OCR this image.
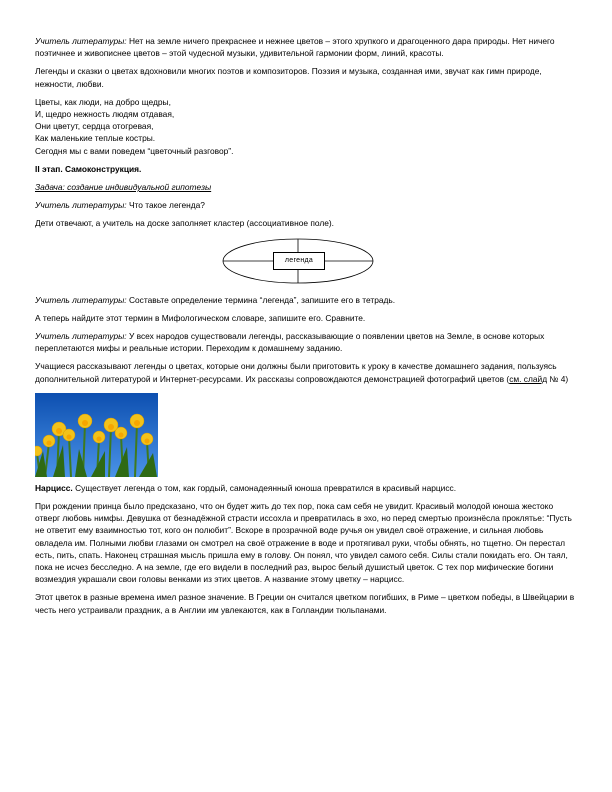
Учитель литературы: Нет на земле ничего прекраснее и нежнее цветов – этого хрупкого и драгоценного дара природы. Нет ничего поэтичнее и живописнее цветов – этой чудесной музыки, удивительной гармонии форм, линий, красоты.

Легенды и сказки о цветах вдохновили многих поэтов и композиторов. Поэзия и музыка, созданная ими, звучат как гимн природе, нежности, любви.

Цветы, как люди, на добро щедры,
И, щедро нежность людям отдавая,
Они цветут, сердца отогревая,
Как маленькие теплые костры.
Сегодня мы с вами поведем “цветочный разговор”.

II этап. Самоконструкция.

Задача: создание индивидуальной гипотезы

Учитель литературы: Что такое легенда?

Дети отвечают, а учитель на доске заполняет кластер (ассоциативное поле).

легенда

Учитель литературы: Составьте определение термина “легенда”, запишите его в тетрадь.

А теперь найдите этот термин в Мифологическом словаре, запишите его. Сравните.

Учитель литературы: У всех народов существовали легенды, рассказывающие о появлении цветов на Земле, в основе которых переплетаются мифы и реальные истории. Переходим к домашнему заданию.

Учащиеся рассказывают легенды о цветах, которые они должны были приготовить к уроку в качестве домашнего задания, пользуясь дополнительной литературой и Интернет-ресурсами. Их рассказы сопровождаются демонстрацией фотографий цветов (см. слайд № 4)

Нарцисс. Существует легенда о том, как гордый, самонадеянный юноша превратился в красивый нарцисс.

При рождении принца было предсказано, что он будет жить до тех пор, пока сам себя не увидит. Красивый молодой юноша жестоко отверг любовь нимфы. Девушка от безнадёжной страсти иссохла и превратилась в эхо, но перед смертью произнёсла проклятье: “Пусть не ответит ему взаимностью тот, кого он полюбит”. Вскоре в прозрачной воде ручья он увидел своё отражение, и сильная любовь овладела им. Полными любви глазами он смотрел на своё отражение в воде и протягивал руки, чтобы обнять, но тщетно. Он перестал есть, пить, спать. Наконец страшная мысль пришла ему в голову. Он понял, что увидел самого себя. Силы стали покидать его. Он таял, пока не исчез бесследно. А на земле, где его видели в последний раз, вырос белый душистый цветок. С тех пор мифические богини возмездия украшали свои головы венками из этих цветов. А название этому цветку – нарцисс.

Этот цветок в разные времена имел разное значение. В Греции он считался цветком погибших, в Риме – цветком победы, в Швейцарии в честь него устраивали праздник, а в Англии им увлекаются, как в Голландии тюльпанами.
